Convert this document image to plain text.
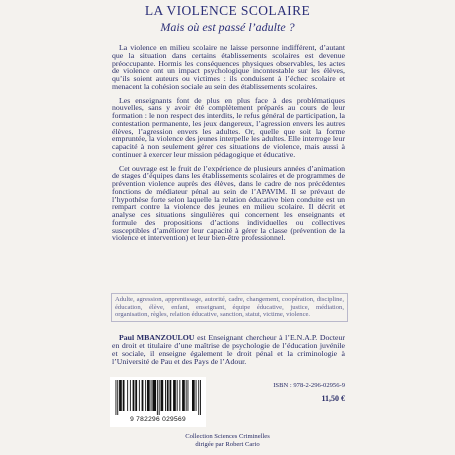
LA VIOLENCE SCOLAIRE
Mais où est passé l’adulte ?

La violence en milieu scolaire ne laisse personne indifférent, d’autant que la situation dans certains établissements scolaires est devenue préoccupante. Hormis les conséquences physiques observables, les actes de violence ont un impact psychologique incontestable sur les élèves, qu’ils soient auteurs ou victimes : ils conduisent à l’échec scolaire et menacent la cohésion sociale au sein des établissements scolaires.

Les enseignants font de plus en plus face à des problématiques nouvelles, sans y avoir été complètement préparés au cours de leur formation : le non respect des interdits, le refus général de participation, la contestation permanente, les jeux dangereux, l’agression envers les autres élèves, l’agression envers les adultes. Or, quelle que soit la forme empruntée, la violence des jeunes interpelle les adultes. Elle interroge leur capacité à non seulement gérer ces situations de violence, mais aussi à continuer à exercer leur mission pédagogique et éducative.

Cet ouvrage est le fruit de l’expérience de plusieurs années d’animation de stages d’équipes dans les établissements scolaires et de programmes de prévention violence auprès des élèves, dans le cadre de nos précédentes fonctions de médiateur pénal au sein de l’APAVIM. Il se prévaut de l’hypothèse forte selon laquelle la relation éducative bien conduite est un rempart contre la violence des jeunes en milieu scolaire. Il décrit et analyse ces situations singulières qui concernent les enseignants et formule des propositions d’actions individuelles ou collectives susceptibles d’améliorer leur capacité à gérer la classe (prévention de la violence et intervention) et leur bien-être professionnel.

Adulte, agression, apprentissage, autorité, cadre, changement, coopération, discipline, éducation, élève, enfant, enseignant, équipe éducative, justice, médiation, organisation, règles, relation éducative, sanction, statut, victime, violence.
Paul MBANZOULOU est Enseignant chercheur à l’E.N.A.P. Docteur en droit et titulaire d’une maîtrise de psychologie de l’éducation juvénile et sociale, il enseigne également le droit pénal et la criminologie à l’Université de Pau et des Pays de l’Adour.
9 782296 029569
ISBN : 978-2-296-02956-9
11,50 €
Collection Sciences Criminelles
dirigée par Robert Cario
